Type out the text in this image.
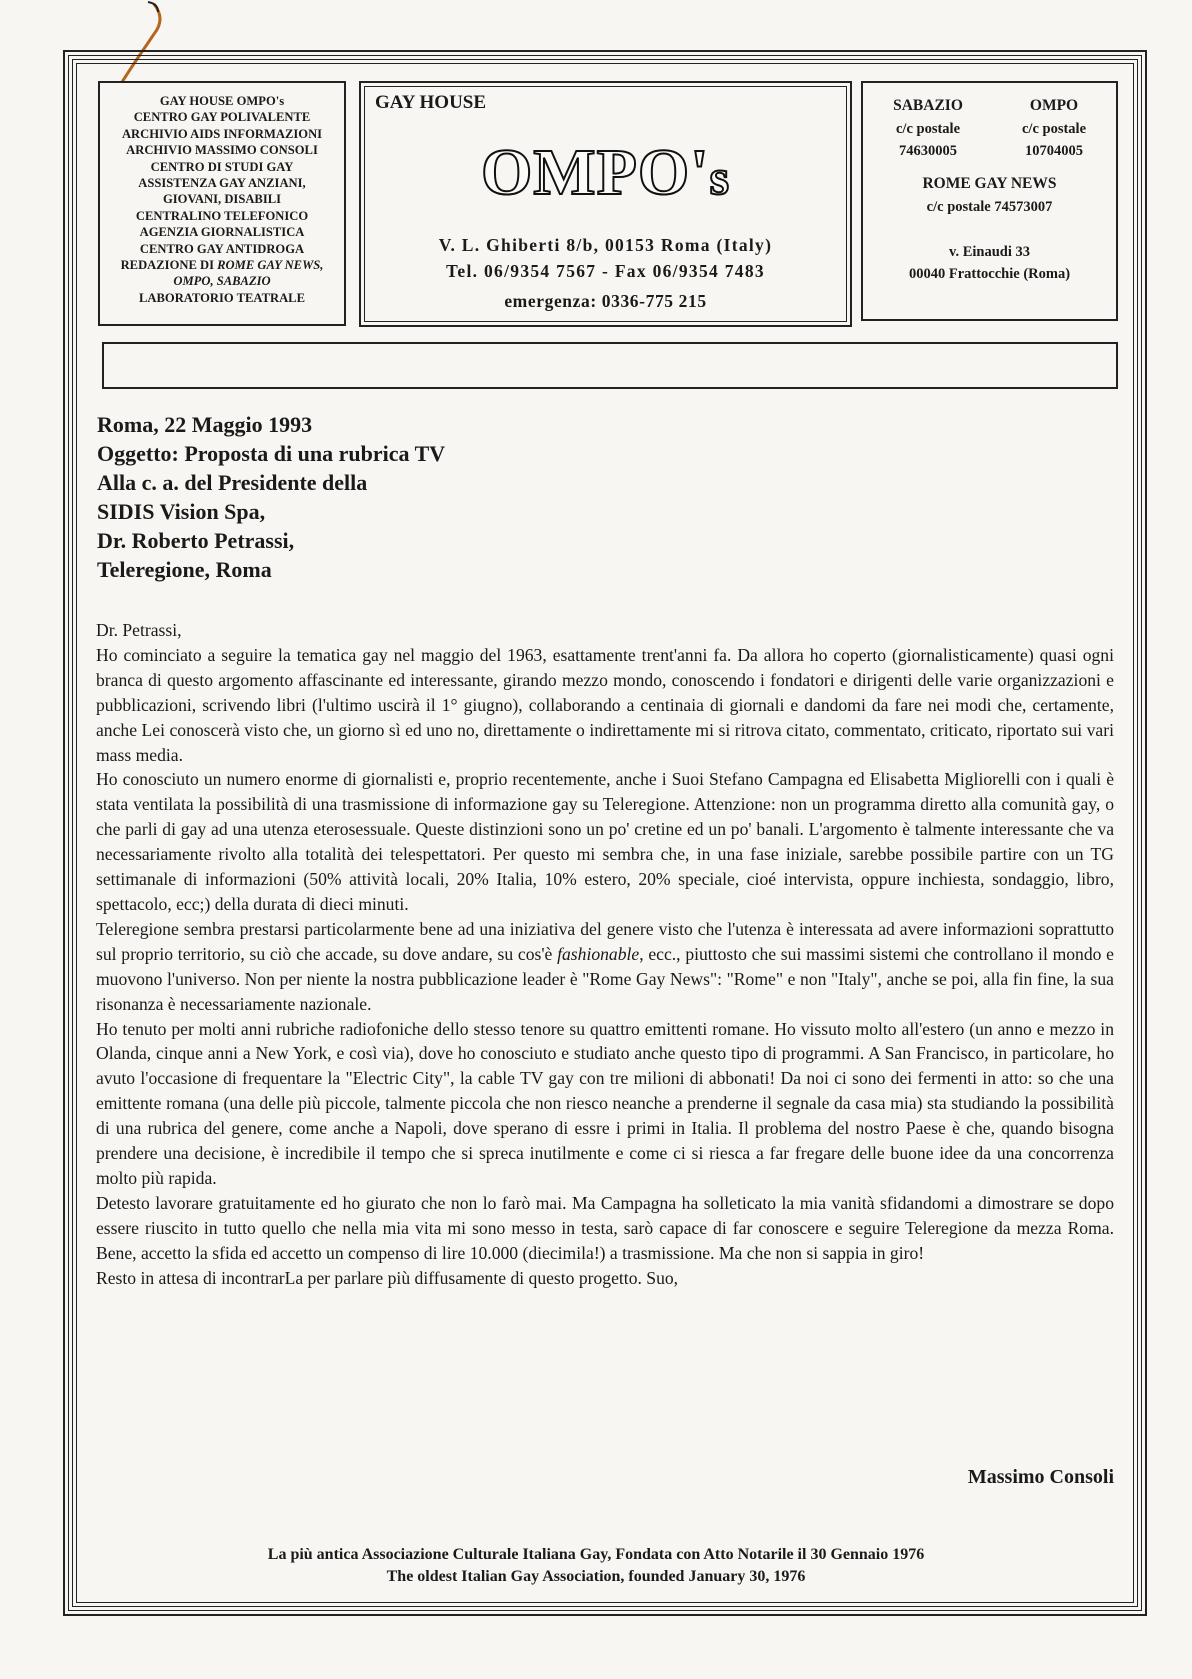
GAY HOUSE OMPO's
CENTRO GAY POLIVALENTE
ARCHIVIO AIDS INFORMAZIONI
ARCHIVIO MASSIMO CONSOLI
CENTRO DI STUDI GAY
ASSISTENZA GAY ANZIANI,
GIOVANI, DISABILI
CENTRALINO TELEFONICO
AGENZIA GIORNALISTICA
CENTRO GAY ANTIDROGA
REDAZIONE DI ROME GAY NEWS,
OMPO, SABAZIO
LABORATORIO TEATRALE
GAY HOUSE
OMPO's
V. L. Ghiberti 8/b, 00153 Roma (Italy)
Tel. 06/9354 7567 - Fax 06/9354 7483
emergenza: 0336-775 215
SABAZIO
c/c postale
74630005
OMPO
c/c postale
10704005
ROME GAY NEWS
c/c postale 74573007
v. Einaudi 33
00040 Frattocchie (Roma)
Roma, 22 Maggio 1993
Oggetto: Proposta di una rubrica TV
Alla c. a. del Presidente della
SIDIS Vision Spa,
Dr. Roberto Petrassi,
Teleregione, Roma

Dr. Petrassi,

Ho cominciato a seguire la tematica gay nel maggio del 1963, esattamente trent'anni fa. Da allora ho coperto (giornalisticamente) quasi ogni branca di questo argomento affascinante ed interessante, girando mezzo mondo, conoscendo i fondatori e dirigenti delle varie organizzazioni e pubblicazioni, scrivendo libri (l'ultimo uscirà il 1° giugno), collaborando a centinaia di giornali e dandomi da fare nei modi che, certamente, anche Lei conoscerà visto che, un giorno sì ed uno no, direttamente o indirettamente mi si ritrova citato, commentato, criticato, riportato sui vari mass media.

Ho conosciuto un numero enorme di giornalisti e, proprio recentemente, anche i Suoi Stefano Campagna ed Elisabetta Migliorelli con i quali è stata ventilata la possibilità di una trasmissione di informazione gay su Teleregione. Attenzione: non un programma diretto alla comunità gay, o che parli di gay ad una utenza eterosessuale. Queste distinzioni sono un po' cretine ed un po' banali. L'argomento è talmente interessante che va necessariamente rivolto alla totalità dei telespettatori. Per questo mi sembra che, in una fase iniziale, sarebbe possibile partire con un TG settimanale di informazioni (50% attività locali, 20% Italia, 10% estero, 20% speciale, cioé intervista, oppure inchiesta, sondaggio, libro, spettacolo, ecc;) della durata di dieci minuti.

Teleregione sembra prestarsi particolarmente bene ad una iniziativa del genere visto che l'utenza è interessata ad avere informazioni soprattutto sul proprio territorio, su ciò che accade, su dove andare, su cos'è fashionable, ecc., piuttosto che sui massimi sistemi che controllano il mondo e muovono l'universo. Non per niente la nostra pubblicazione leader è "Rome Gay News": "Rome" e non "Italy", anche se poi, alla fin fine, la sua risonanza è necessariamente nazionale.

Ho tenuto per molti anni rubriche radiofoniche dello stesso tenore su quattro emittenti romane. Ho vissuto molto all'estero (un anno e mezzo in Olanda, cinque anni a New York, e così via), dove ho conosciuto e studiato anche questo tipo di programmi. A San Francisco, in particolare, ho avuto l'occasione di frequentare la "Electric City", la cable TV gay con tre milioni di abbonati! Da noi ci sono dei fermenti in atto: so che una emittente romana (una delle più piccole, talmente piccola che non riesco neanche a prenderne il segnale da casa mia) sta studiando la possibilità di una rubrica del genere, come anche a Napoli, dove sperano di essre i primi in Italia. Il problema del nostro Paese è che, quando bisogna prendere una decisione, è incredibile il tempo che si spreca inutilmente e come ci si riesca a far fregare delle buone idee da una concorrenza molto più rapida.

Detesto lavorare gratuitamente ed ho giurato che non lo farò mai. Ma Campagna ha solleticato la mia vanità sfidandomi a dimostrare se dopo essere riuscito in tutto quello che nella mia vita mi sono messo in testa, sarò capace di far conoscere e seguire Teleregione da mezza Roma. Bene, accetto la sfida ed accetto un compenso di lire 10.000 (diecimila!) a trasmissione. Ma che non si sappia in giro!

Resto in attesa di incontrarLa per parlare più diffusamente di questo progetto. Suo,

Massimo Consoli
La più antica Associazione Culturale Italiana Gay, Fondata con Atto Notarile il 30 Gennaio 1976
The oldest Italian Gay Association, founded January 30, 1976
